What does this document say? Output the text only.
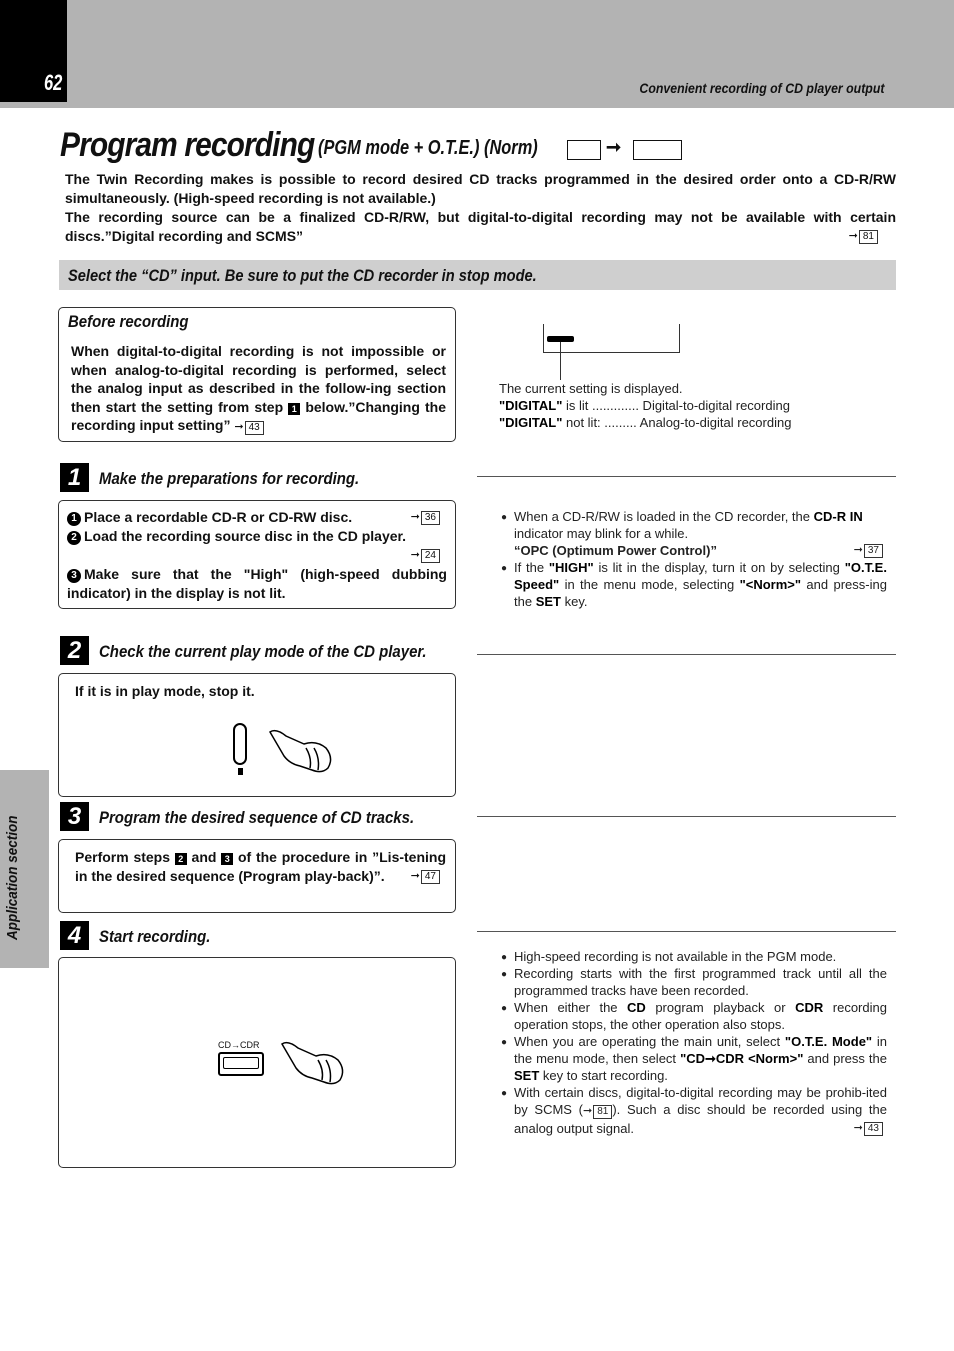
62	Convenient recording of CD player output
Program recording (PGM mode + O.T.E.) (Norm)	➞
The Twin Recording makes is possible to record desired CD tracks programmed in the desired order onto a CD-R/RW simultaneously. (High-speed recording is not available.)
The recording source can be a finalized CD-R/RW, but digital-to-digital recording may not be available with certain discs.”Digital recording and SCMS”	➞ 81
Select the “CD” input. Be sure to put the CD recorder in stop mode.
Before recording
When digital-to-digital recording is not impossible or when analog-to-digital recording is performed, select the analog input as described in the follow-ing section then start the setting from step 1 below.”Changing the recording input setting” ➞ 43
The current setting is displayed.
"DIGITAL" is lit ............. Digital-to-digital recording
"DIGITAL" not lit: ......... Analog-to-digital recording
1	Make the preparations for recording.
1 Place a recordable CD-R or CD-RW disc.	➞ 36
2 Load the recording source disc in the CD player.
➞ 24
3 Make sure that the "High" (high-speed dubbing indicator) in the display is not lit.
● When a CD-R/RW is loaded in the CD recorder, the CD-R IN indicator may blink for a while.
“OPC (Optimum Power Control)”	➞ 37
● If the "HIGH" is lit in the display, turn it on by selecting "O.T.E. Speed" in the menu mode, selecting "<Norm>" and press-ing the SET key.
2	Check the current play mode of the CD player.
If it is in play mode, stop it.
3	Program the desired sequence of CD tracks.
Perform steps 2 and 3 of the procedure in ”Lis-tening in the desired sequence (Program play-back)”. ➞ 47
4	Start recording.
CD→CDR
● High-speed recording is not available in the PGM mode.
● Recording starts with the first programmed track until all the programmed tracks have been recorded.
● When either the CD program playback or CDR recording operation stops, the other operation also stops.
● When you are operating the main unit, select "O.T.E. Mode" in the menu mode, then select "CD➞CDR <Norm>" and press the SET key to start recording.
● With certain discs, digital-to-digital recording may be prohib-ited by SCMS (➞ 81 ). Such a disc should be recorded using the analog output signal.	➞ 43
Application section
